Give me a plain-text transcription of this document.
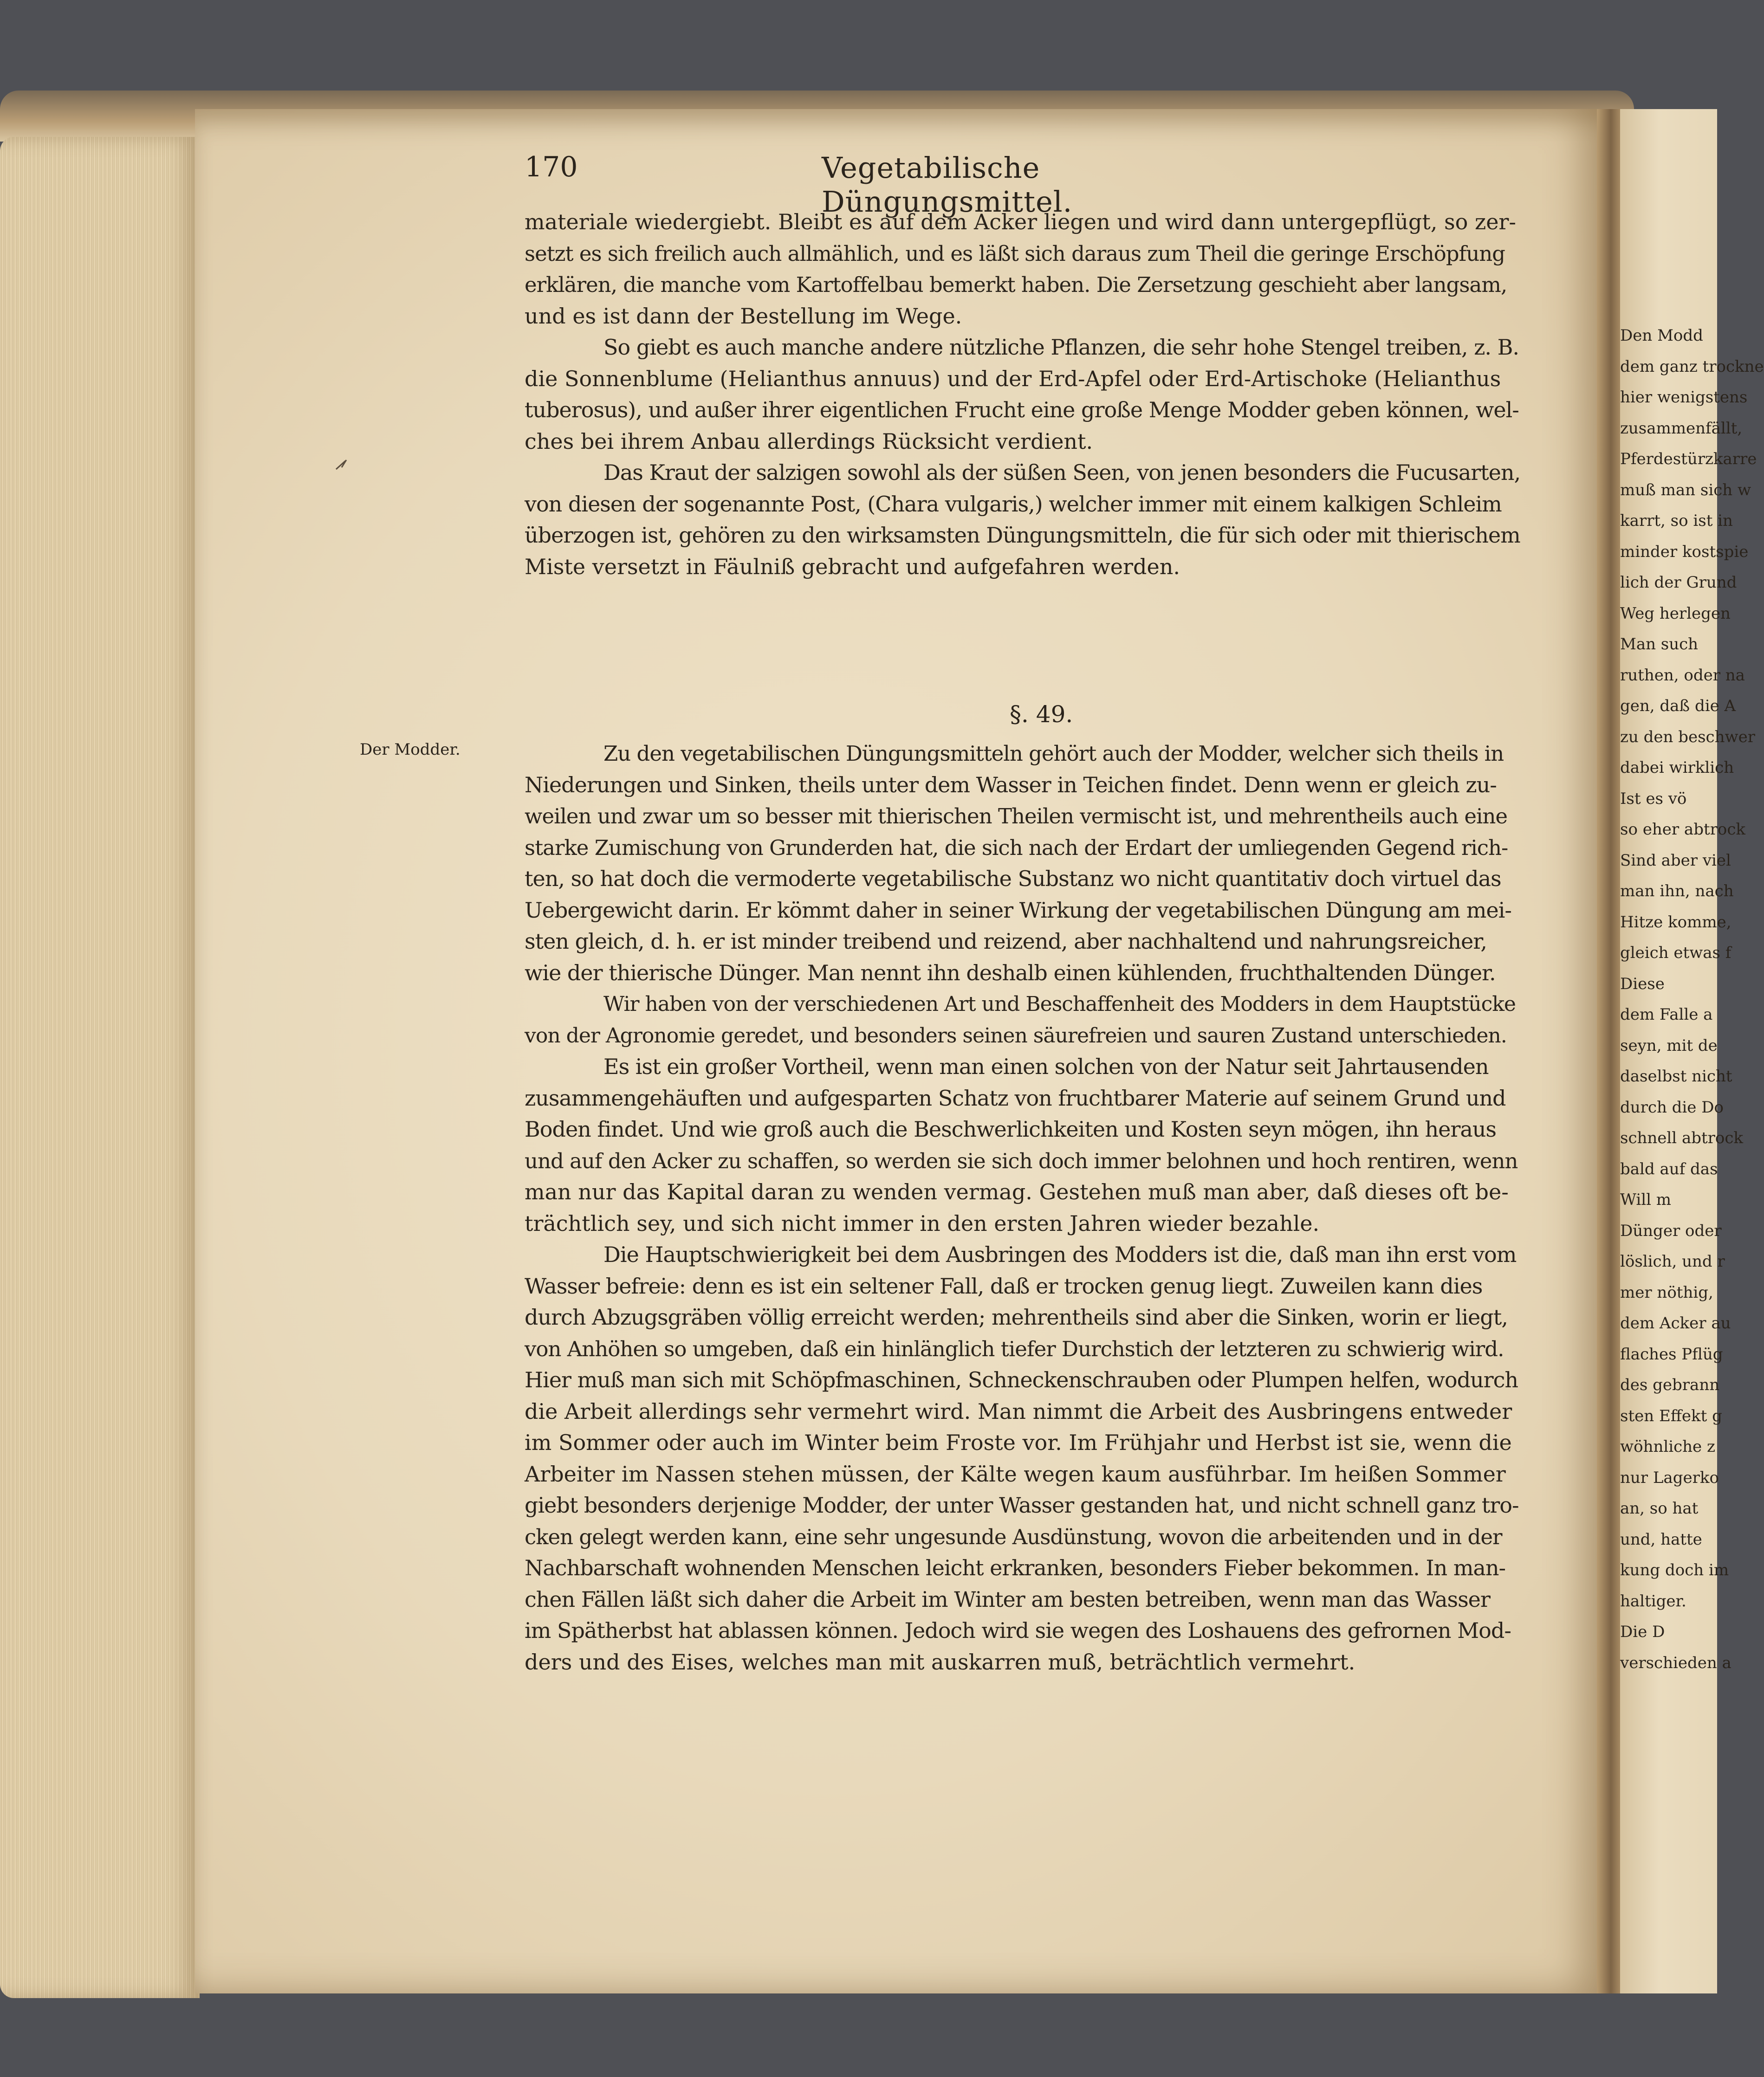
Den Modd
dem ganz trockne
hier wenigstens
zusammenfällt,
Pferdestürzkarre
muß man sich w
karrt, so ist in
minder kostspie
lich der Grund
Weg herlegen
Man such
ruthen, oder na
gen, daß die A
zu den beschwer
dabei wirklich
Ist es vö
so eher abtrock
Sind aber viel
man ihn, nach
Hitze komme,
gleich etwas f
Diese
dem Falle a
seyn, mit de
daselbst nicht
durch die Do
schnell abtrock
bald auf das
Will m
Dünger oder
löslich, und r
mer nöthig,
dem Acker au
flaches Pflüg
des gebrann
sten Effekt g
wöhnliche z
nur Lagerko
an, so hat
und, hatte
kung doch im
haltiger.
Die D
verschieden a
170	Vegetabilische Düngungsmittel.
materiale wiedergiebt. Bleibt es auf dem Acker liegen und wird dann untergepflügt, so zer-
setzt es sich freilich auch allmählich, und es läßt sich daraus zum Theil die geringe Erschöpfung
erklären, die manche vom Kartoffelbau bemerkt haben. Die Zersetzung geschieht aber langsam,
und es ist dann der Bestellung im Wege.
So giebt es auch manche andere nützliche Pflanzen, die sehr hohe Stengel treiben, z. B.
die Sonnenblume (Helianthus annuus) und der Erd-Apfel oder Erd-Artischoke (Helianthus
tuberosus), und außer ihrer eigentlichen Frucht eine große Menge Modder geben können, wel-
ches bei ihrem Anbau allerdings Rücksicht verdient.
Das Kraut der salzigen sowohl als der süßen Seen, von jenen besonders die Fucusarten,
von diesen der sogenannte Post, (Chara vulgaris,) welcher immer mit einem kalkigen Schleim
überzogen ist, gehören zu den wirksamsten Düngungsmitteln, die für sich oder mit thierischem
Miste versetzt in Fäulniß gebracht und aufgefahren werden.
§. 49.
Der Modder.	Zu den vegetabilischen Düngungsmitteln gehört auch der Modder, welcher sich theils in
Niederungen und Sinken, theils unter dem Wasser in Teichen findet. Denn wenn er gleich zu-
weilen und zwar um so besser mit thierischen Theilen vermischt ist, und mehrentheils auch eine
starke Zumischung von Grunderden hat, die sich nach der Erdart der umliegenden Gegend rich-
ten, so hat doch die vermoderte vegetabilische Substanz wo nicht quantitativ doch virtuel das
Uebergewicht darin. Er kömmt daher in seiner Wirkung der vegetabilischen Düngung am mei-
sten gleich, d. h. er ist minder treibend und reizend, aber nachhaltend und nahrungsreicher,
wie der thierische Dünger. Man nennt ihn deshalb einen kühlenden, fruchthaltenden Dünger.
Wir haben von der verschiedenen Art und Beschaffenheit des Modders in dem Hauptstücke
von der Agronomie geredet, und besonders seinen säurefreien und sauren Zustand unterschieden.
Es ist ein großer Vortheil, wenn man einen solchen von der Natur seit Jahrtausenden
zusammengehäuften und aufgesparten Schatz von fruchtbarer Materie auf seinem Grund und
Boden findet. Und wie groß auch die Beschwerlichkeiten und Kosten seyn mögen, ihn heraus
und auf den Acker zu schaffen, so werden sie sich doch immer belohnen und hoch rentiren, wenn
man nur das Kapital daran zu wenden vermag. Gestehen muß man aber, daß dieses oft be-
trächtlich sey, und sich nicht immer in den ersten Jahren wieder bezahle.
Die Hauptschwierigkeit bei dem Ausbringen des Modders ist die, daß man ihn erst vom
Wasser befreie: denn es ist ein seltener Fall, daß er trocken genug liegt. Zuweilen kann dies
durch Abzugsgräben völlig erreicht werden; mehrentheils sind aber die Sinken, worin er liegt,
von Anhöhen so umgeben, daß ein hinlänglich tiefer Durchstich der letzteren zu schwierig wird.
Hier muß man sich mit Schöpfmaschinen, Schneckenschrauben oder Plumpen helfen, wodurch
die Arbeit allerdings sehr vermehrt wird. Man nimmt die Arbeit des Ausbringens entweder
im Sommer oder auch im Winter beim Froste vor. Im Frühjahr und Herbst ist sie, wenn die
Arbeiter im Nassen stehen müssen, der Kälte wegen kaum ausführbar. Im heißen Sommer
giebt besonders derjenige Modder, der unter Wasser gestanden hat, und nicht schnell ganz tro-
cken gelegt werden kann, eine sehr ungesunde Ausdünstung, wovon die arbeitenden und in der
Nachbarschaft wohnenden Menschen leicht erkranken, besonders Fieber bekommen. In man-
chen Fällen läßt sich daher die Arbeit im Winter am besten betreiben, wenn man das Wasser
im Spätherbst hat ablassen können. Jedoch wird sie wegen des Loshauens des gefrornen Mod-
ders und des Eises, welches man mit auskarren muß, beträchtlich vermehrt.
